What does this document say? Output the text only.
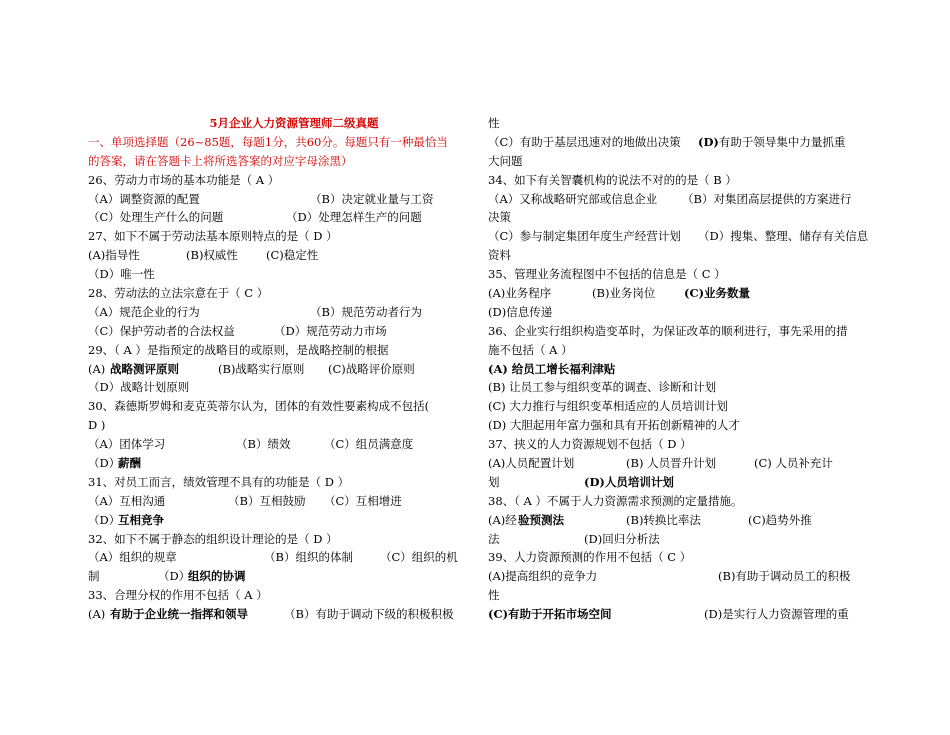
5月企业人力资源管理师二级真题
一、单项选择题（26~85题，每题1分，共60分。每题只有一种最恰当
的答案，请在答题卡上将所选答案的对应字母涂黑）
26、劳动力市场的基本功能是（ A ）
（A）调整资源的配置	（B）决定就业量与工资
（C）处理生产什么的问题	（D）处理怎样生产的问题
27、如下不属于劳动法基本原则特点的是（ D ）
(A)指导性	(B)权威性 (C)稳定性
（D）唯一性
28、劳动法的立法宗意在于（ C ）
（A）规范企业的行为	（B）规范劳动者行为
（C）保护劳动者的合法权益	（D）规范劳动力市场
29、（ A ）是指预定的战略目的或原则，是战略控制的根据
(A) 战略测评原则	(B)战略实行原则 (C)战略评价原则
（D）战略计划原则
30、森德斯罗姆和麦克英蒂尔认为，团体的有效性要素构成不包括(
D )
（A）团体学习	（B）绩效	（C）组员满意度
（D）
薪酬
31、对员工而言，绩效管理不具有的功能是（ D ）
（A）互相沟通	（B）互相鼓励 （C）互相增进
（D）
互相竞争
32、如下不属于静态的组织设计理论的是（ D ）
（A）组织的规章	（B）组织的体制 （C）组织的机
制	（D）
组织的协调
33、合理分权的作用不包括（ A ）
(A) 有助于企业统一指挥和领导	（B）有助于调动下级的积极积极
性
（C）有助于基层迅速对的地做出决策 (D)有助于领导集中力量抓重
大问题
34、如下有关智囊机构的说法不对的的是（ B ）
（A）又称战略研究部或信息企业 （B）对集团高层提供的方案进行
决策
（C）参与制定集团年度生产经营计划 （D）搜集、整理、储存有关信息
资料
35、管理业务流程图中不包括的信息是（ C ）
(A)业务程序	(B)业务岗位 (C)业务数量
(D)信息传递
36、企业实行组织构造变革时，为保证改革的顺利进行，事先采用的措
施不包括（ A ）
(A) 给员工增长福利津贴
(B) 让员工参与组织变革的调查、诊断和计划
(C) 大力推行与组织变革相适应的人员培训计划
(D) 大胆起用年富力强和具有开拓创新精神的人才
37、挟义的人力资源规划不包括（ D ）
(A)人员配置计划	(B) 人员晋升计划	(C) 人员补充计
划	(D)人员培训计划
38、（ A ）不属于人力资源需求预测的定量措施。
(A)经 验预测法	(B)转换比率法	(C)趋势外推
法	(D)回归分析法
39、人力资源预测的作用不包括（ C ）
(A)提高组织的竞争力	(B)有助于调动员工的积极
性
(C)有助于开拓市场空间	(D)是实行人力资源管理的重
